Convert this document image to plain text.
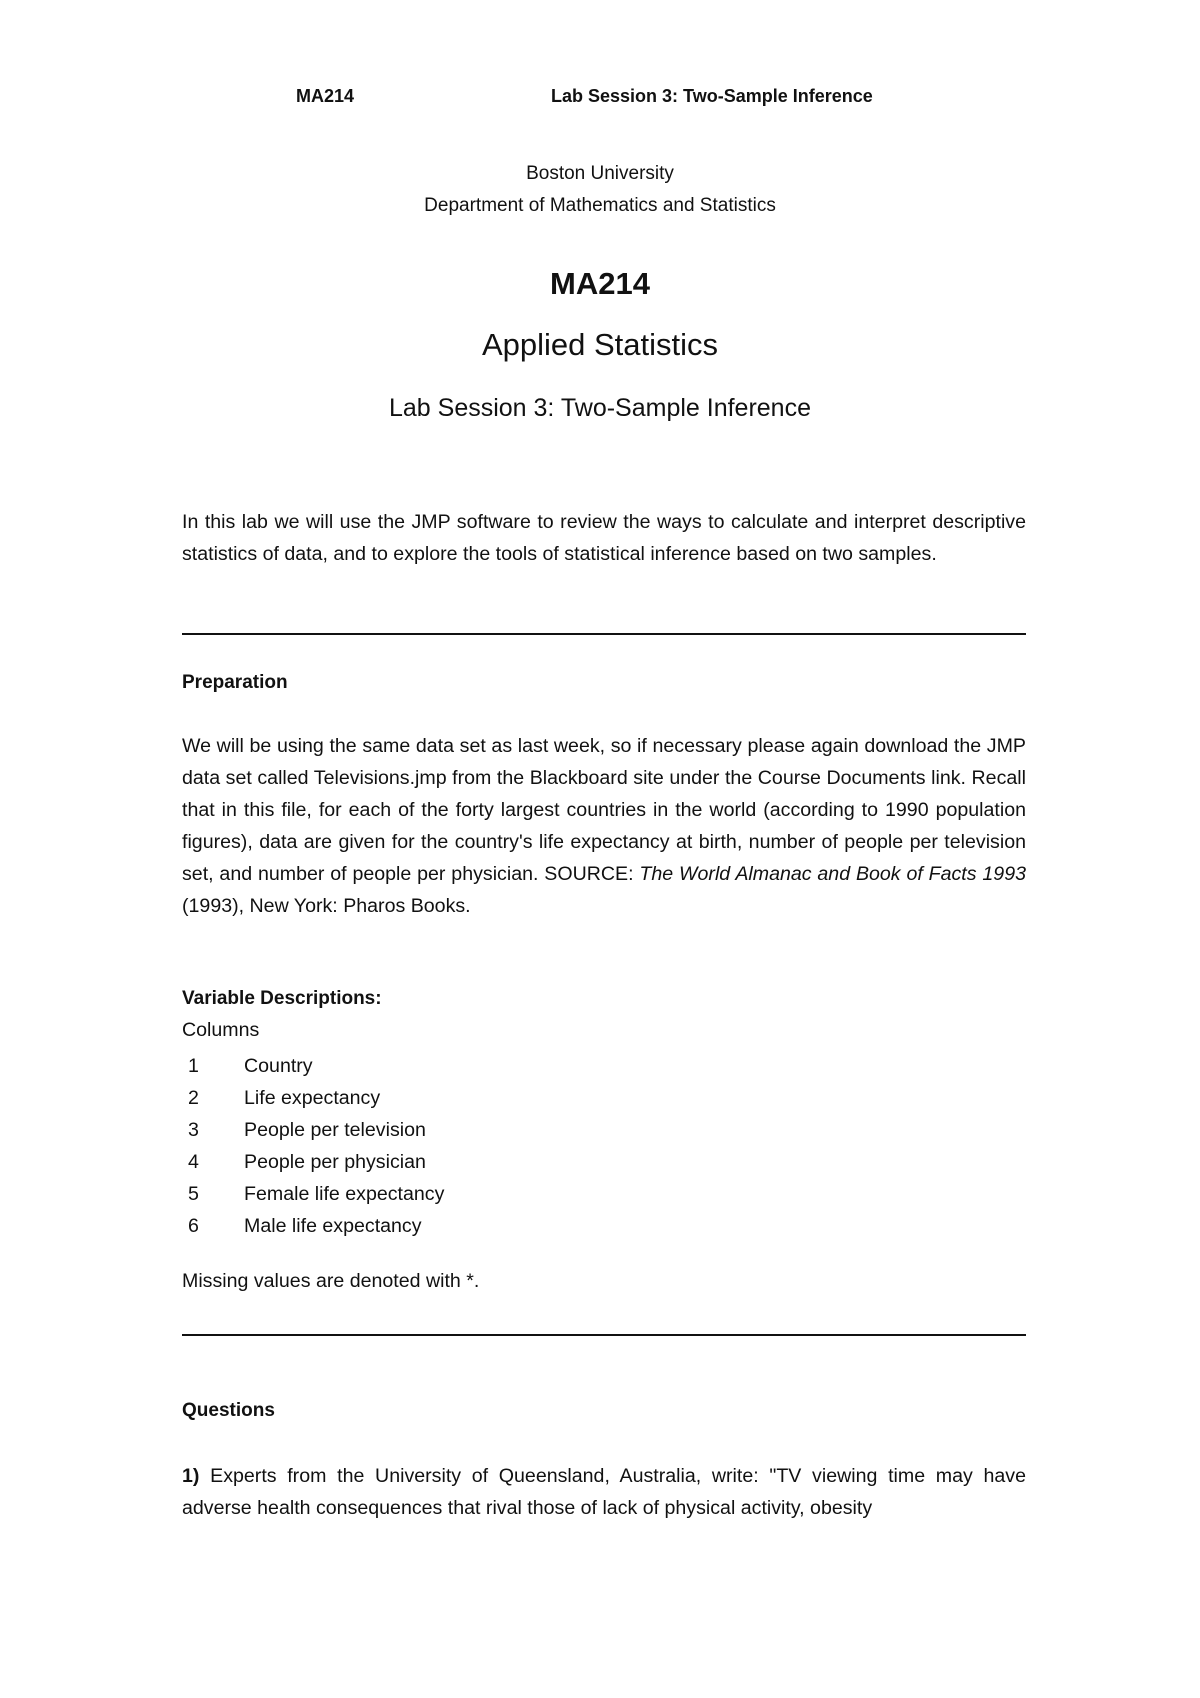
MA214	Lab Session 3: Two-Sample Inference
Boston University
Department of Mathematics and Statistics
MA214
Applied Statistics
Lab Session 3: Two-Sample Inference
In this lab we will use the JMP software to review the ways to calculate and interpret descriptive statistics of data, and to explore the tools of statistical inference based on two samples.
Preparation
We will be using the same data set as last week, so if necessary please again download the JMP data set called Televisions.jmp from the Blackboard site under the Course Documents link. Recall that in this file, for each of the forty largest countries in the world (according to 1990 population figures), data are given for the country's life expectancy at birth, number of people per television set, and number of people per physician. SOURCE: The World Almanac and Book of Facts 1993 (1993), New York: Pharos Books.
Variable Descriptions:
Columns
1 Country
2 Life expectancy
3 People per television
4 People per physician
5 Female life expectancy
6 Male life expectancy
Missing values are denoted with *.
Questions
1) Experts from the University of Queensland, Australia, write: "TV viewing time may have adverse health consequences that rival those of lack of physical activity, obesity
